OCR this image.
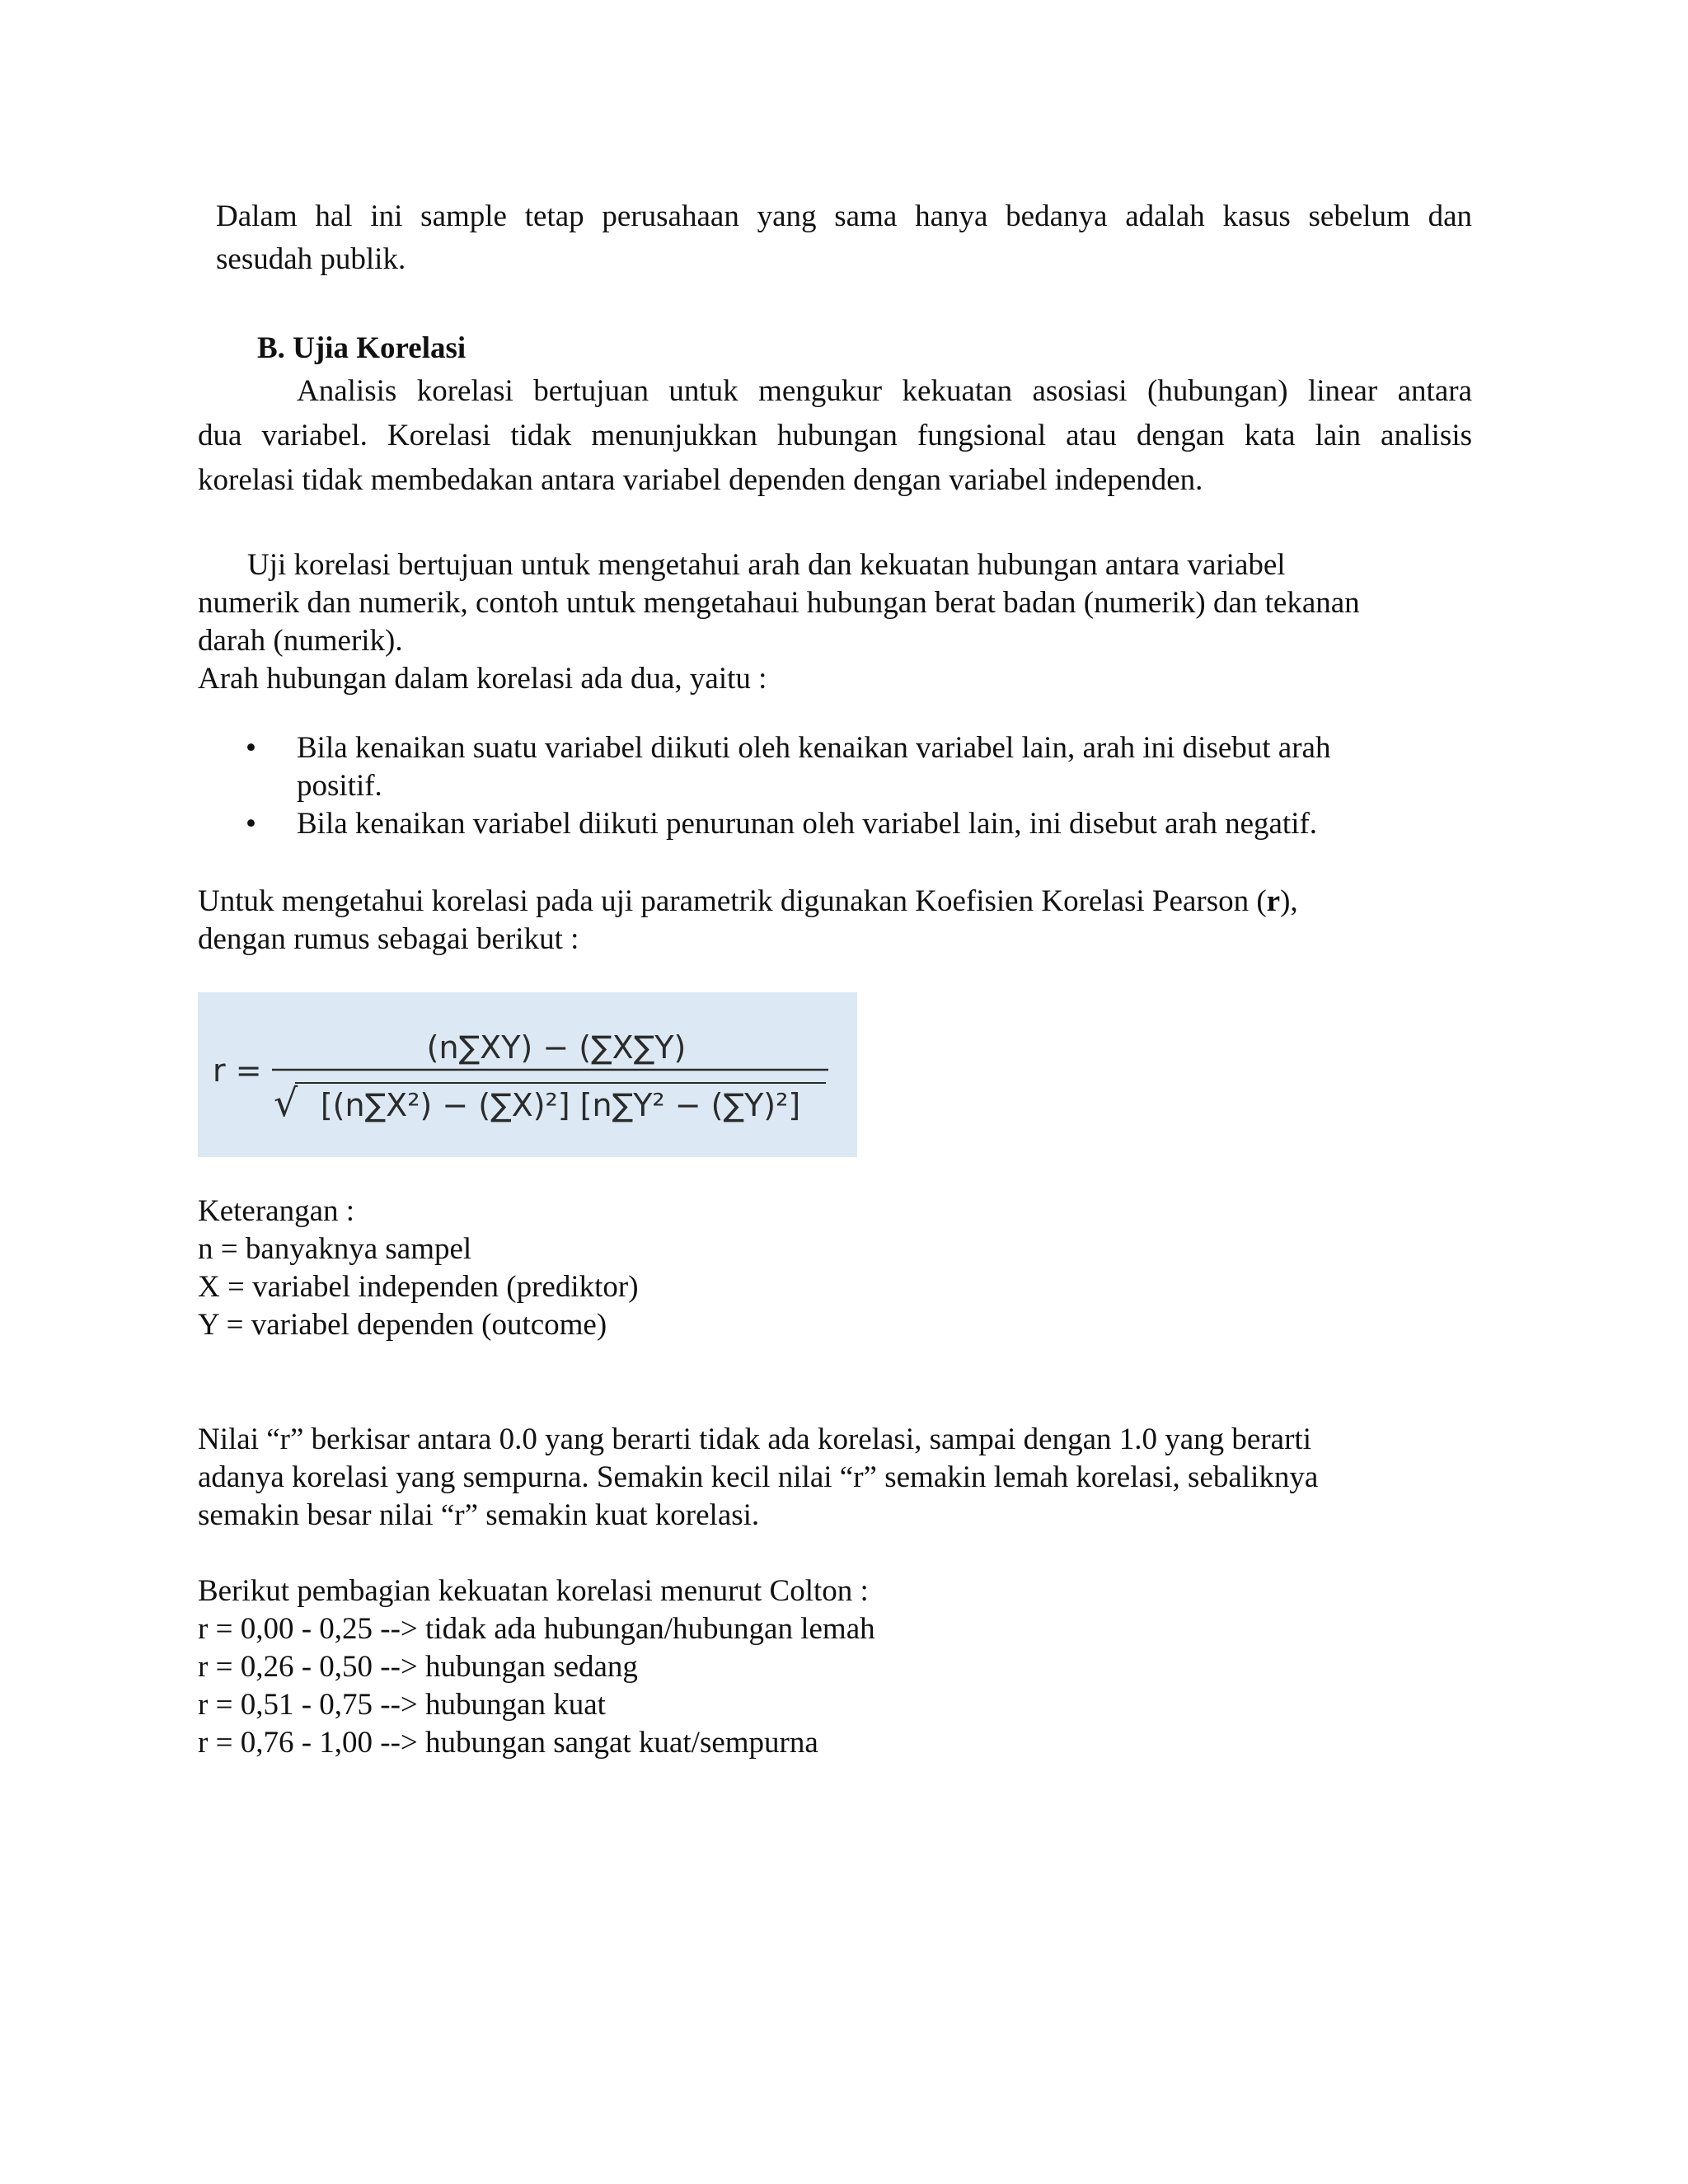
Dalam hal ini sample tetap perusahaan yang sama hanya bedanya adalah kasus sebelum dan

sesudah publik.

B. Ujia Korelasi

Analisis korelasi bertujuan untuk mengukur kekuatan asosiasi (hubungan) linear antara

dua variabel. Korelasi tidak menunjukkan hubungan fungsional atau dengan kata lain analisis

korelasi tidak membedakan antara variabel dependen dengan variabel independen.

Uji korelasi bertujuan untuk mengetahui arah dan kekuatan hubungan antara variabel

numerik dan numerik, contoh untuk mengetahaui hubungan berat badan (numerik) dan tekanan

darah (numerik).

Arah hubungan dalam korelasi ada dua, yaitu :

• Bila kenaikan suatu variabel diikuti oleh kenaikan variabel lain, arah ini disebut arah

positif.

• Bila kenaikan variabel diikuti penurunan oleh variabel lain, ini disebut arah negatif.

Untuk mengetahui korelasi pada uji parametrik digunakan Koefisien Korelasi Pearson (r),

dengan rumus sebagai berikut :

r =
(n∑XY) − (∑X∑Y)
√ [(n∑X²) − (∑X)²] [n∑Y² − (∑Y)²]

Keterangan :

n = banyaknya sampel

X = variabel independen (prediktor)

Y = variabel dependen (outcome)

Nilai “r” berkisar antara 0.0 yang berarti tidak ada korelasi, sampai dengan 1.0 yang berarti

adanya korelasi yang sempurna. Semakin kecil nilai “r” semakin lemah korelasi, sebaliknya

semakin besar nilai “r” semakin kuat korelasi.

Berikut pembagian kekuatan korelasi menurut Colton :

r = 0,00 - 0,25 --> tidak ada hubungan/hubungan lemah

r = 0,26 - 0,50 --> hubungan sedang

r = 0,51 - 0,75 --> hubungan kuat

r = 0,76 - 1,00 --> hubungan sangat kuat/sempurna
